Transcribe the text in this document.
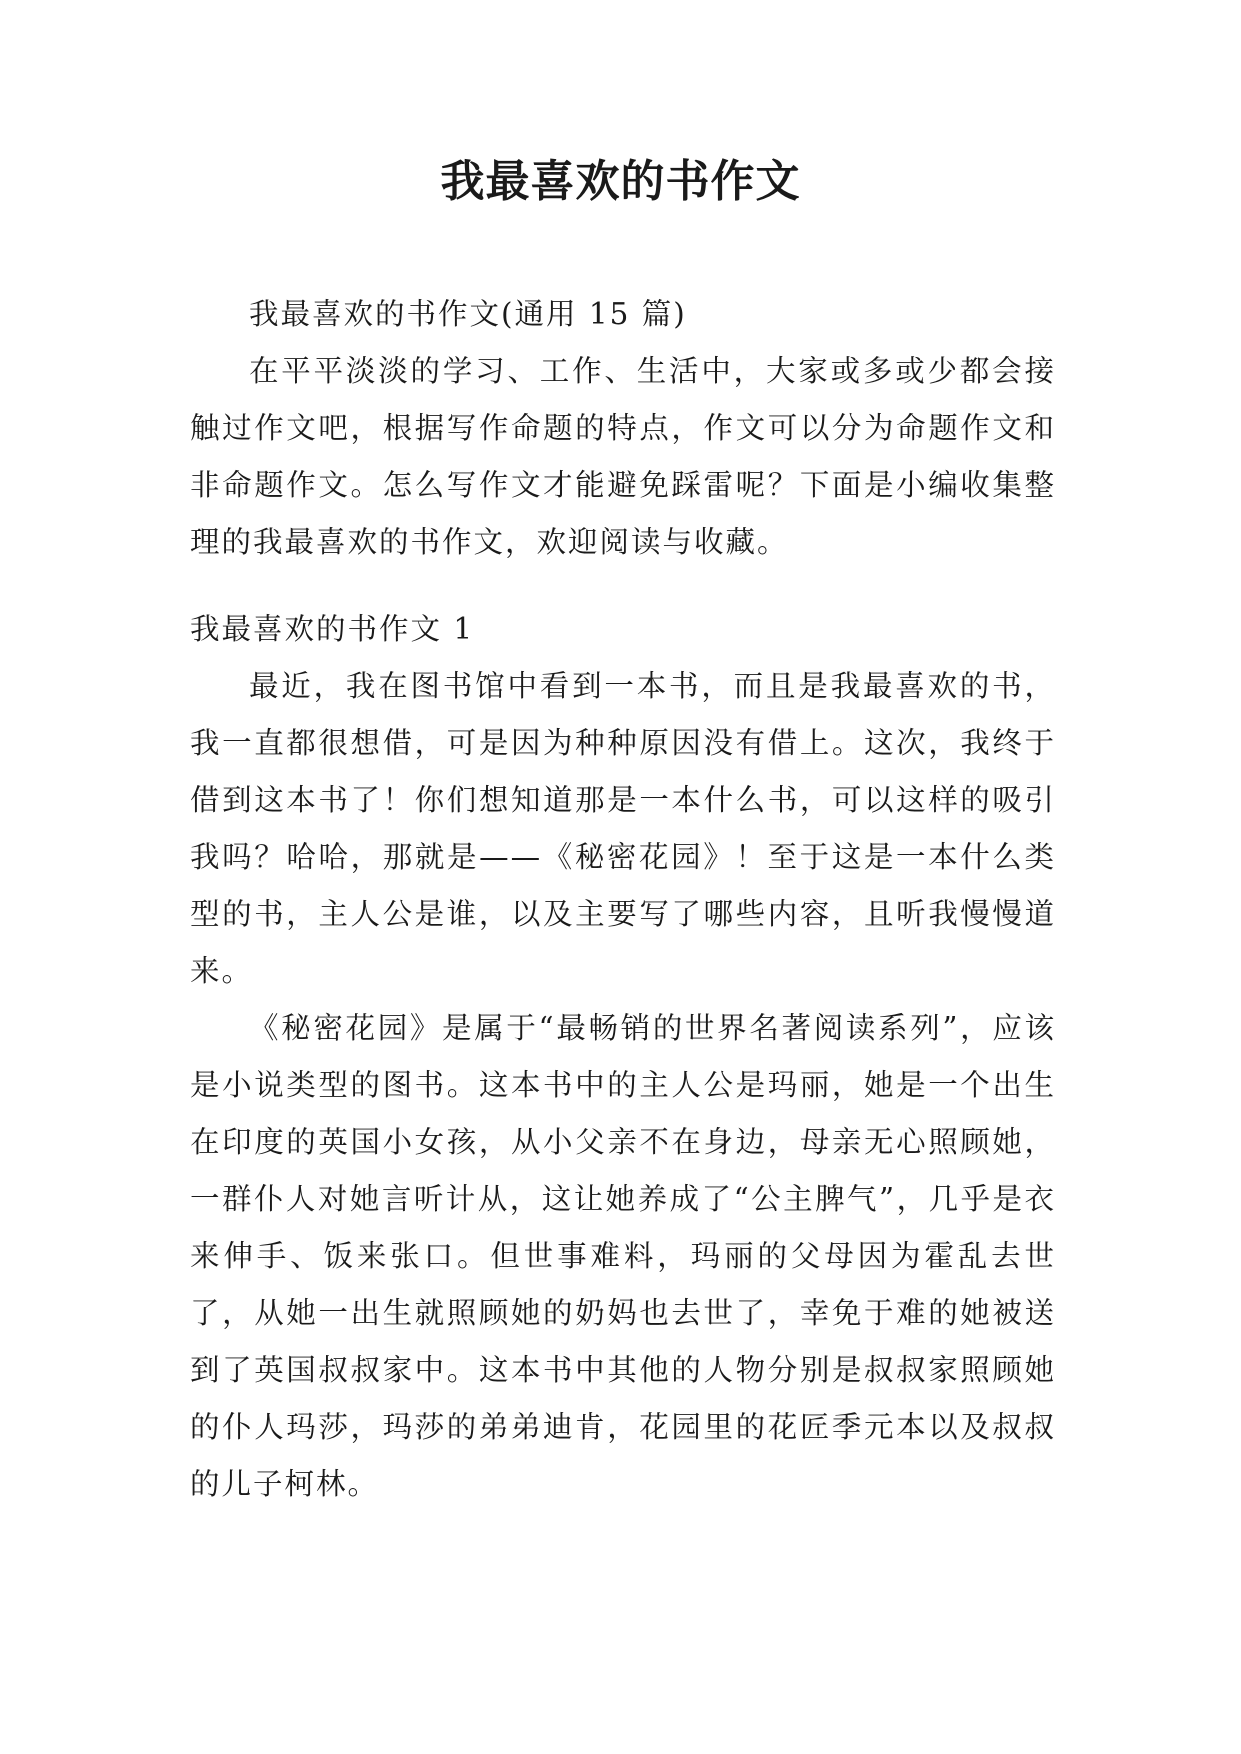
我最喜欢的书作文

我最喜欢的书作文(通用 15 篇)

在平平淡淡的学习、工作、生活中，大家或多或少都会接触过作文吧，根据写作命题的特点，作文可以分为命题作文和非命题作文。怎么写作文才能避免踩雷呢？下面是小编收集整理的我最喜欢的书作文，欢迎阅读与收藏。

我最喜欢的书作文 1

最近，我在图书馆中看到一本书，而且是我最喜欢的书，我一直都很想借，可是因为种种原因没有借上。这次，我终于借到这本书了！你们想知道那是一本什么书，可以这样的吸引我吗？哈哈，那就是——《秘密花园》！至于这是一本什么类型的书，主人公是谁，以及主要写了哪些内容，且听我慢慢道来。

《秘密花园》是属于“最畅销的世界名著阅读系列”，应该是小说类型的图书。这本书中的主人公是玛丽，她是一个出生在印度的英国小女孩，从小父亲不在身边，母亲无心照顾她，一群仆人对她言听计从，这让她养成了“公主脾气”，几乎是衣来伸手、饭来张口。但世事难料，玛丽的父母因为霍乱去世了，从她一出生就照顾她的奶妈也去世了，幸免于难的她被送到了英国叔叔家中。这本书中其他的人物分别是叔叔家照顾她的仆人玛莎，玛莎的弟弟迪肯，花园里的花匠季元本以及叔叔的儿子柯林。
